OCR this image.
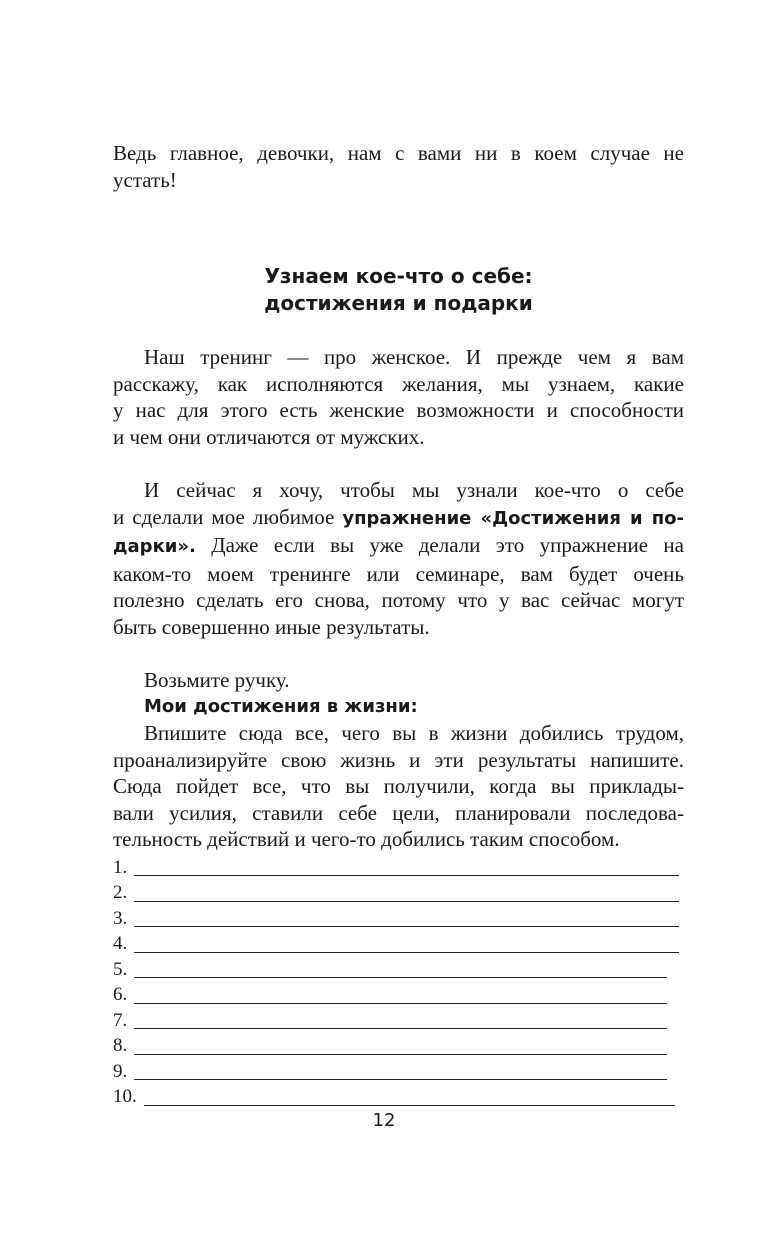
Ведь главное, девочки, нам с вами ни в коем случае не
устать!

Узнаем кое-что о себе:
достижения и подарки

Наш тренинг — про женское. И прежде чем я вам
расскажу, как исполняются желания, мы узнаем, какие
у нас для этого есть женские возможности и способности
и чем они отличаются от мужских.

И сейчас я хочу, чтобы мы узнали кое-что о себе
и сделали мое любимое упражнение «Достижения и по-
дарки». Даже если вы уже делали это упражнение на
каком-то моем тренинге или семинаре, вам будет очень
полезно сделать его снова, потому что у вас сейчас могут
быть совершенно иные результаты.

Возьмите ручку.
Мои достижения в жизни:
Впишите сюда все, чего вы в жизни добились трудом,
проанализируйте свою жизнь и эти результаты напишите.
Сюда пойдет все, что вы получили, когда вы приклады-
вали усилия, ставили себе цели, планировали последова-
тельность действий и чего-то добились таким способом.

1.
2.
3.
4.
5.
6.
7.
8.
9.
10.
12
